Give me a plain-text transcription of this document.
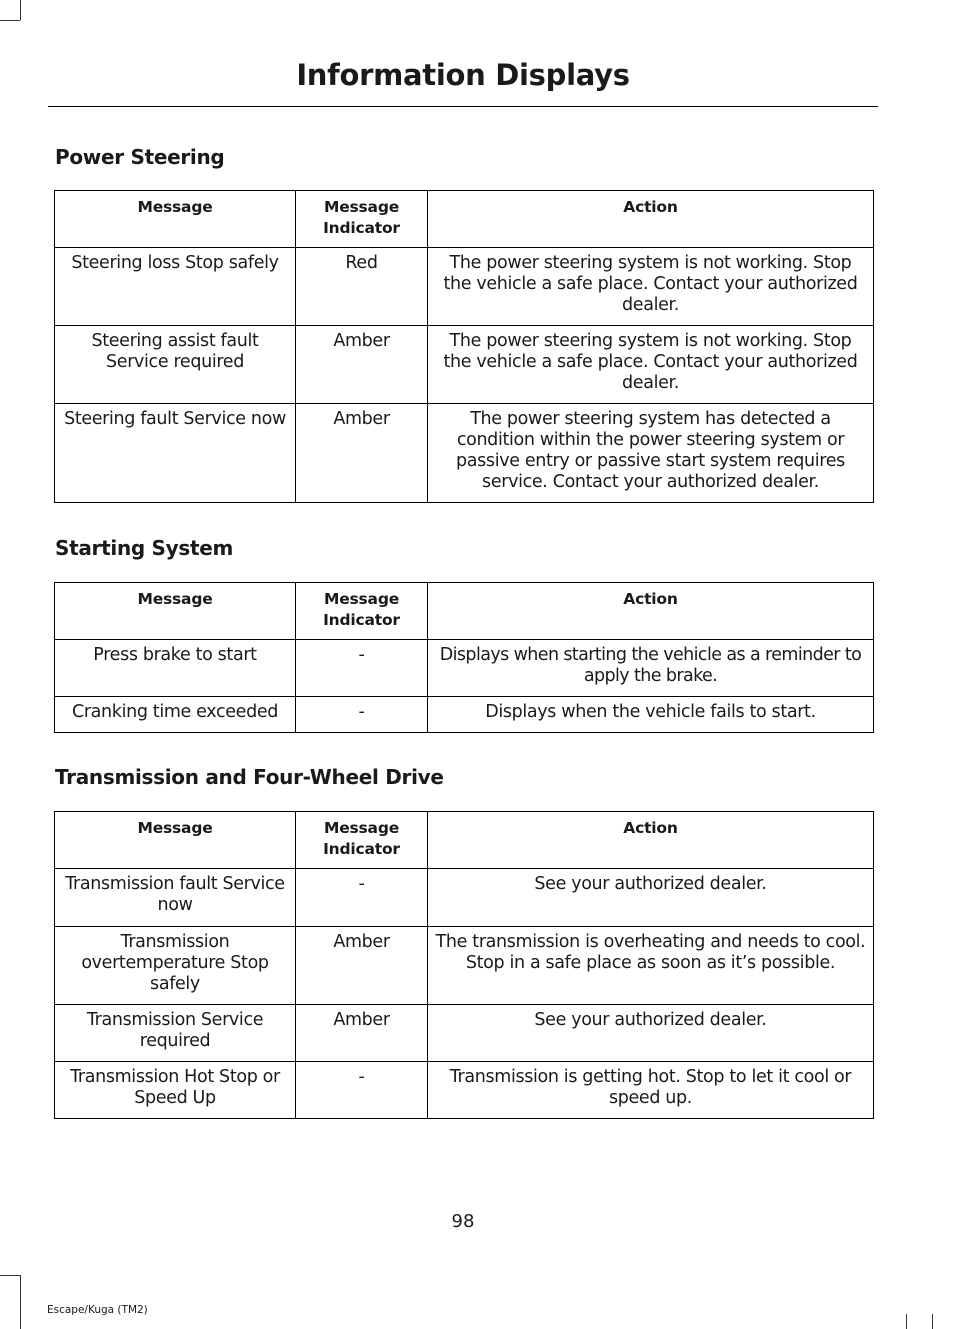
Information Displays
Power Steering
Message	Message Indicator	Action
Steering loss Stop safely	Red	The power steering system is not working. Stop the vehicle a safe place. Contact your authorized dealer.
Steering assist fault Service required	Amber	The power steering system is not working. Stop the vehicle a safe place. Contact your authorized dealer.
Steering fault Service now	Amber	The power steering system has detected a condition within the power steering system or passive entry or passive start system requires service. Contact your authorized dealer.
Starting System
Message	Message Indicator	Action
Press brake to start	-	Displays when starting the vehicle as a reminder to apply the brake.
Cranking time exceeded	-	Displays when the vehicle fails to start.
Transmission and Four-Wheel Drive
Message	Message Indicator	Action
Transmission fault Service now	-	See your authorized dealer.
Transmission overtemperature Stop safely	Amber	The transmission is overheating and needs to cool. Stop in a safe place as soon as it’s possible.
Transmission Service required	Amber	See your authorized dealer.
Transmission Hot Stop or Speed Up	-	Transmission is getting hot. Stop to let it cool or speed up.
98
Escape/Kuga (TM2)
